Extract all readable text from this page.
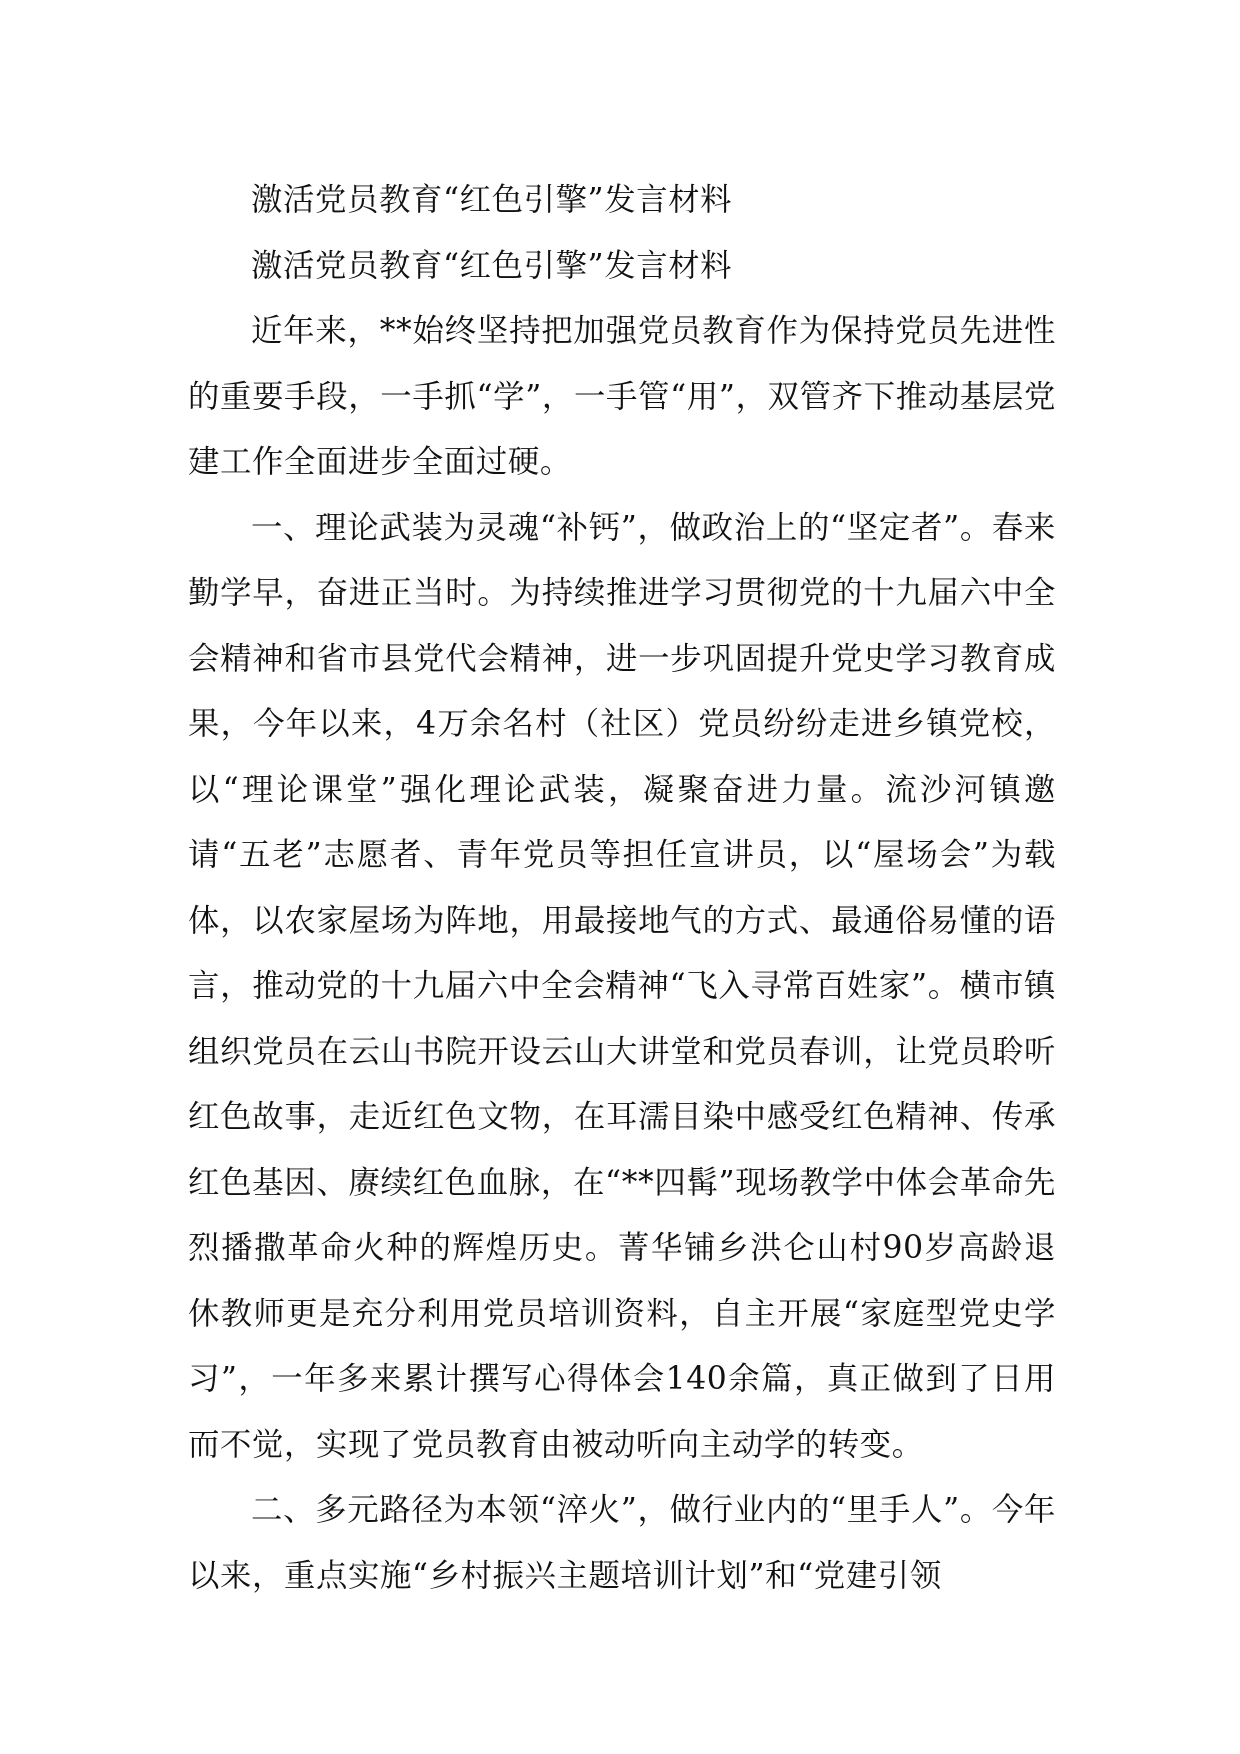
激活党员教育“红色引擎”发言材料

激活党员教育“红色引擎”发言材料

近年来，**始终坚持把加强党员教育作为保持党员先进性的重要手段，一手抓“学”，一手管“用”，双管齐下推动基层党建工作全面进步全面过硬。

一、理论武装为灵魂“补钙”，做政治上的“坚定者”。春来勤学早，奋进正当时。为持续推进学习贯彻党的十九届六中全会精神和省市县党代会精神，进一步巩固提升党史学习教育成果，今年以来，4万余名村（社区）党员纷纷走进乡镇党校，以“理论课堂”强化理论武装，凝聚奋进力量。流沙河镇邀请“五老”志愿者、青年党员等担任宣讲员，以“屋场会”为载体，以农家屋场为阵地，用最接地气的方式、最通俗易懂的语言，推动党的十九届六中全会精神“飞入寻常百姓家”。横市镇组织党员在云山书院开设云山大讲堂和党员春训，让党员聆听红色故事，走近红色文物，在耳濡目染中感受红色精神、传承红色基因、赓续红色血脉，在“**四髯”现场教学中体会革命先烈播撒革命火种的辉煌历史。菁华铺乡洪仑山村90岁高龄退休教师更是充分利用党员培训资料，自主开展“家庭型党史学习”，一年多来累计撰写心得体会140余篇，真正做到了日用而不觉，实现了党员教育由被动听向主动学的转变。

二、多元路径为本领“淬火”，做行业内的“里手人”。今年以来，重点实施“乡村振兴主题培训计划”和“党建引领
